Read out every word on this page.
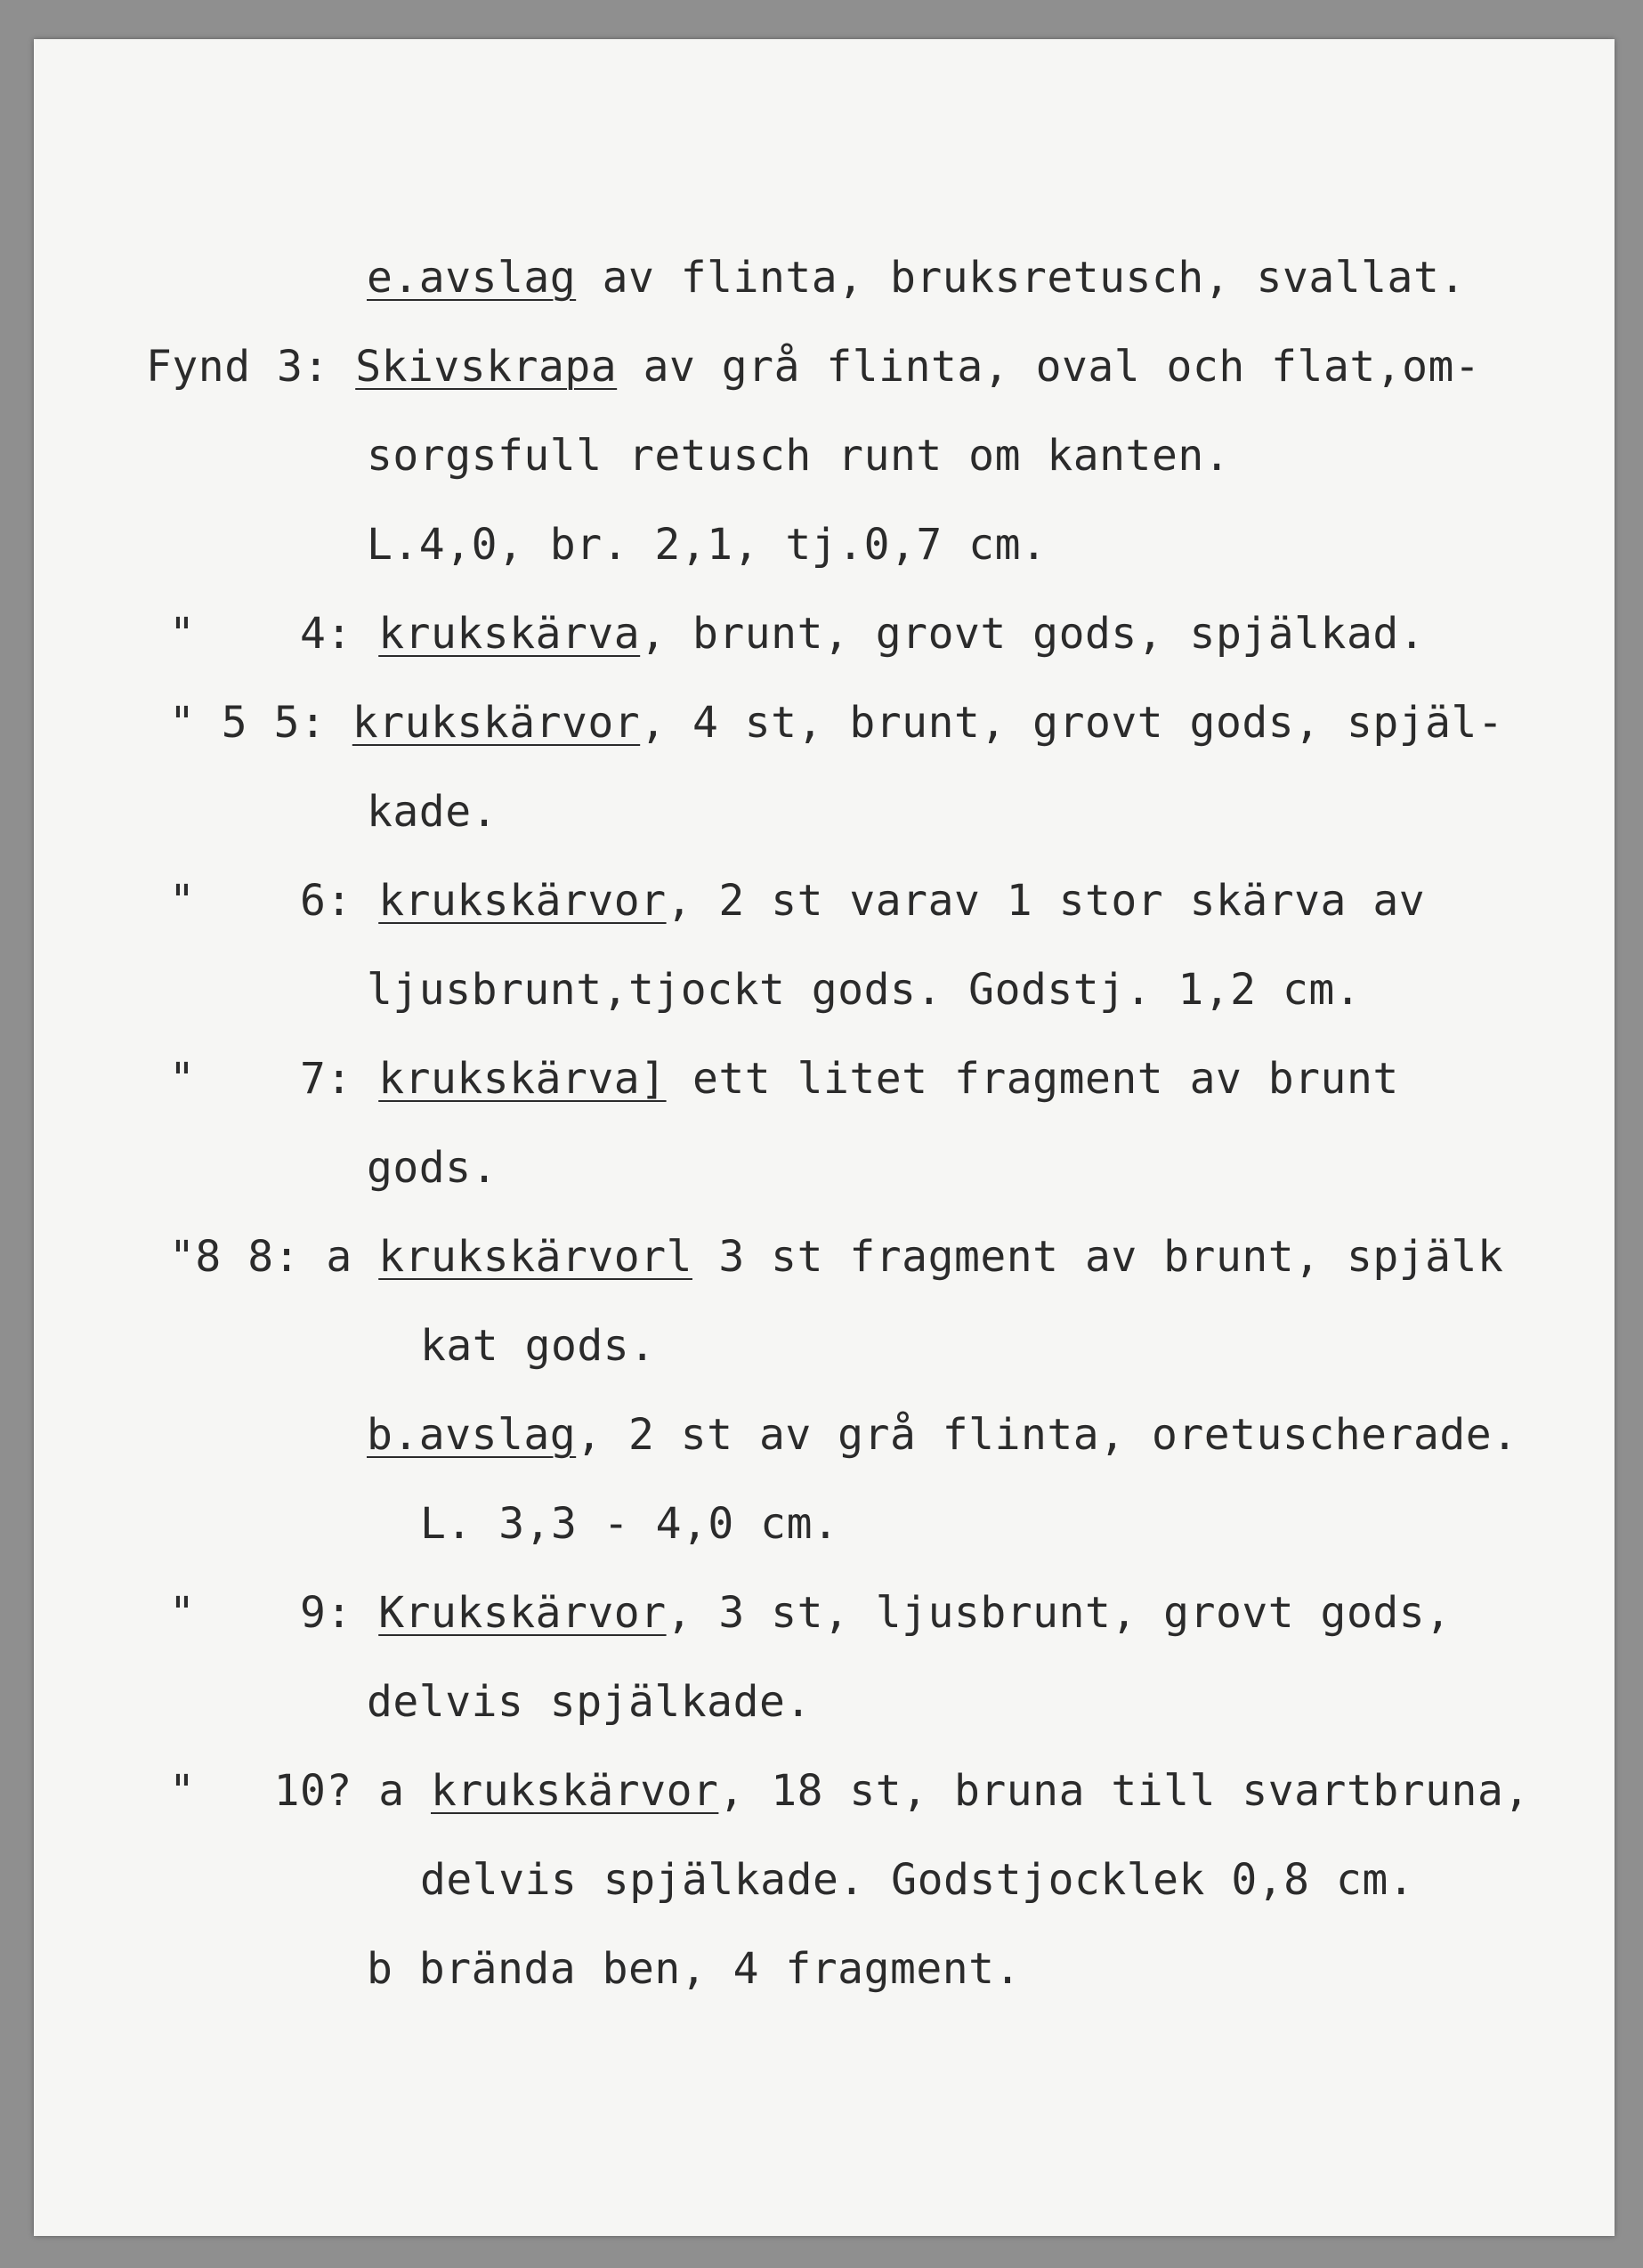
e.avslag av flinta, bruksretusch, svallat.
Fynd 3: Skivskrapa av grå flinta, oval och flat,om-
sorgsfull retusch runt om kanten.
L.4,0, br. 2,1, tj.0,7 cm.
"    4: krukskärva, brunt, grovt gods, spjälkad.
" 5 5: krukskärvor, 4 st, brunt, grovt gods, spjäl-
kade.
"    6: krukskärvor, 2 st varav 1 stor skärva av
ljusbrunt,tjockt gods. Godstj. 1,2 cm.
"    7: krukskärva] ett litet fragment av brunt
gods.
"8 8: a krukskärvorl 3 st fragment av brunt, spjälk
kat gods.
b.avslag, 2 st av grå flinta, oretuscherade.
L. 3,3 - 4,0 cm.
"    9: Krukskärvor, 3 st, ljusbrunt, grovt gods,
delvis spjälkade.
"   10? a krukskärvor, 18 st, bruna till svartbruna,
delvis spjälkade. Godstjocklek 0,8 cm.
b brända ben, 4 fragment.
